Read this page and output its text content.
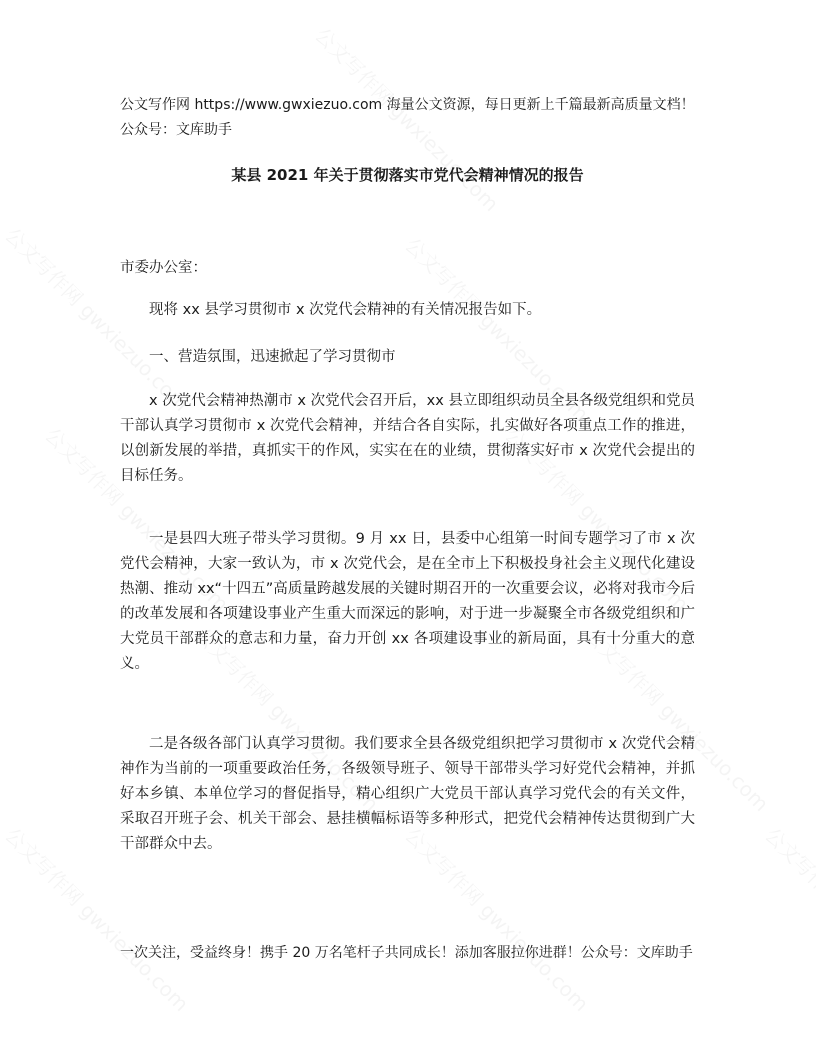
公文写作网 https://www.gwxiezuo.com 海量公文资源，每日更新上千篇最新高质量文档！ 公众号：文库助手
某县 2021 年关于贯彻落实市党代会精神情况的报告
市委办公室：

现将 xx 县学习贯彻市 x 次党代会精神的有关情况报告如下。

一、营造氛围，迅速掀起了学习贯彻市

x 次党代会精神热潮市 x 次党代会召开后，xx 县立即组织动员全县各级党组织和党员干部认真学习贯彻市 x 次党代会精神，并结合各自实际，扎实做好各项重点工作的推进，以创新发展的举措，真抓实干的作风，实实在在的业绩，贯彻落实好市 x 次党代会提出的目标任务。

一是县四大班子带头学习贯彻。9 月 xx 日，县委中心组第一时间专题学习了市 x 次党代会精神，大家一致认为，市 x 次党代会，是在全市上下积极投身社会主义现代化建设热潮、推动 xx“十四五”高质量跨越发展的关键时期召开的一次重要会议，必将对我市今后的改革发展和各项建设事业产生重大而深远的影响，对于进一步凝聚全市各级党组织和广大党员干部群众的意志和力量，奋力开创 xx 各项建设事业的新局面，具有十分重大的意义。

二是各级各部门认真学习贯彻。我们要求全县各级党组织把学习贯彻市 x 次党代会精神作为当前的一项重要政治任务，各级领导班子、领导干部带头学习好党代会精神，并抓好本乡镇、本单位学习的督促指导，精心组织广大党员干部认真学习党代会的有关文件，采取召开班子会、机关干部会、悬挂横幅标语等多种形式，把党代会精神传达贯彻到广大干部群众中去。

一次关注，受益终身！携手 20 万名笔杆子共同成长！添加客服拉你进群！公众号：文库助手
